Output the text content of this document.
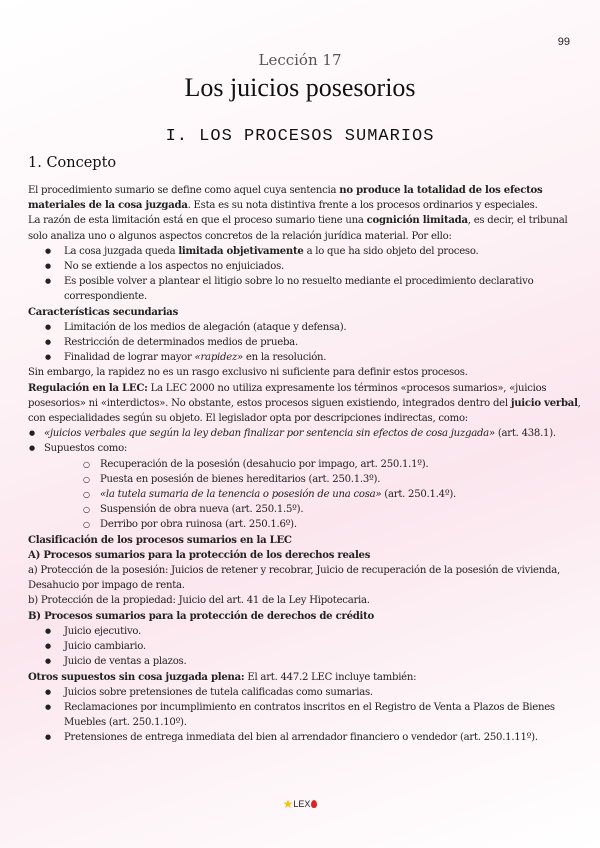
99
Lección 17
Los juicios posesorios
I. LOS PROCESOS SUMARIOS
1. Concepto

El procedimiento sumario se define como aquel cuya sentencia no produce la totalidad de los efectos materiales de la cosa juzgada. Esta es su nota distintiva frente a los procesos ordinarios y especiales.

La razón de esta limitación está en que el proceso sumario tiene una cognición limitada, es decir, el tribunal solo analiza uno o algunos aspectos concretos de la relación jurídica material. Por ello:

● La cosa juzgada queda limitada objetivamente a lo que ha sido objeto del proceso.
● No se extiende a los aspectos no enjuiciados.
● Es posible volver a plantear el litigio sobre lo no resuelto mediante el procedimiento declarativo correspondiente.

Características secundarias

● Limitación de los medios de alegación (ataque y defensa).
● Restricción de determinados medios de prueba.
● Finalidad de lograr mayor «rapidez» en la resolución.

Sin embargo, la rapidez no es un rasgo exclusivo ni suficiente para definir estos procesos.

Regulación en la LEC: La LEC 2000 no utiliza expresamente los términos «procesos sumarios», «juicios posesorios» ni «interdictos». No obstante, estos procesos siguen existiendo, integrados dentro del juicio verbal, con especialidades según su objeto. El legislador opta por descripciones indirectas, como:

● «juicios verbales que según la ley deban finalizar por sentencia sin efectos de cosa juzgada» (art. 438.1).
● Supuestos como:
○ Recuperación de la posesión (desahucio por impago, art. 250.1.1º).
○ Puesta en posesión de bienes hereditarios (art. 250.1.3º).
○ «la tutela sumaria de la tenencia o posesión de una cosa» (art. 250.1.4º).
○ Suspensión de obra nueva (art. 250.1.5º).
○ Derribo por obra ruinosa (art. 250.1.6º).

Clasificación de los procesos sumarios en la LEC

A) Procesos sumarios para la protección de los derechos reales

a) Protección de la posesión: Juicios de retener y recobrar, Juicio de recuperación de la posesión de vivienda, Desahucio por impago de renta.

b) Protección de la propiedad: Juicio del art. 41 de la Ley Hipotecaria.

B) Procesos sumarios para la protección de derechos de crédito

● Juicio ejecutivo.
● Juicio cambiario.
● Juicio de ventas a plazos.

Otros supuestos sin cosa juzgada plena: El art. 447.2 LEC incluye también:

● Juicios sobre pretensiones de tutela calificadas como sumarias.
● Reclamaciones por incumplimiento en contratos inscritos en el Registro de Venta a Plazos de Bienes Muebles (art. 250.1.10º).
● Pretensiones de entrega inmediata del bien al arrendador financiero o vendedor (art. 250.1.11º).
★LEX
